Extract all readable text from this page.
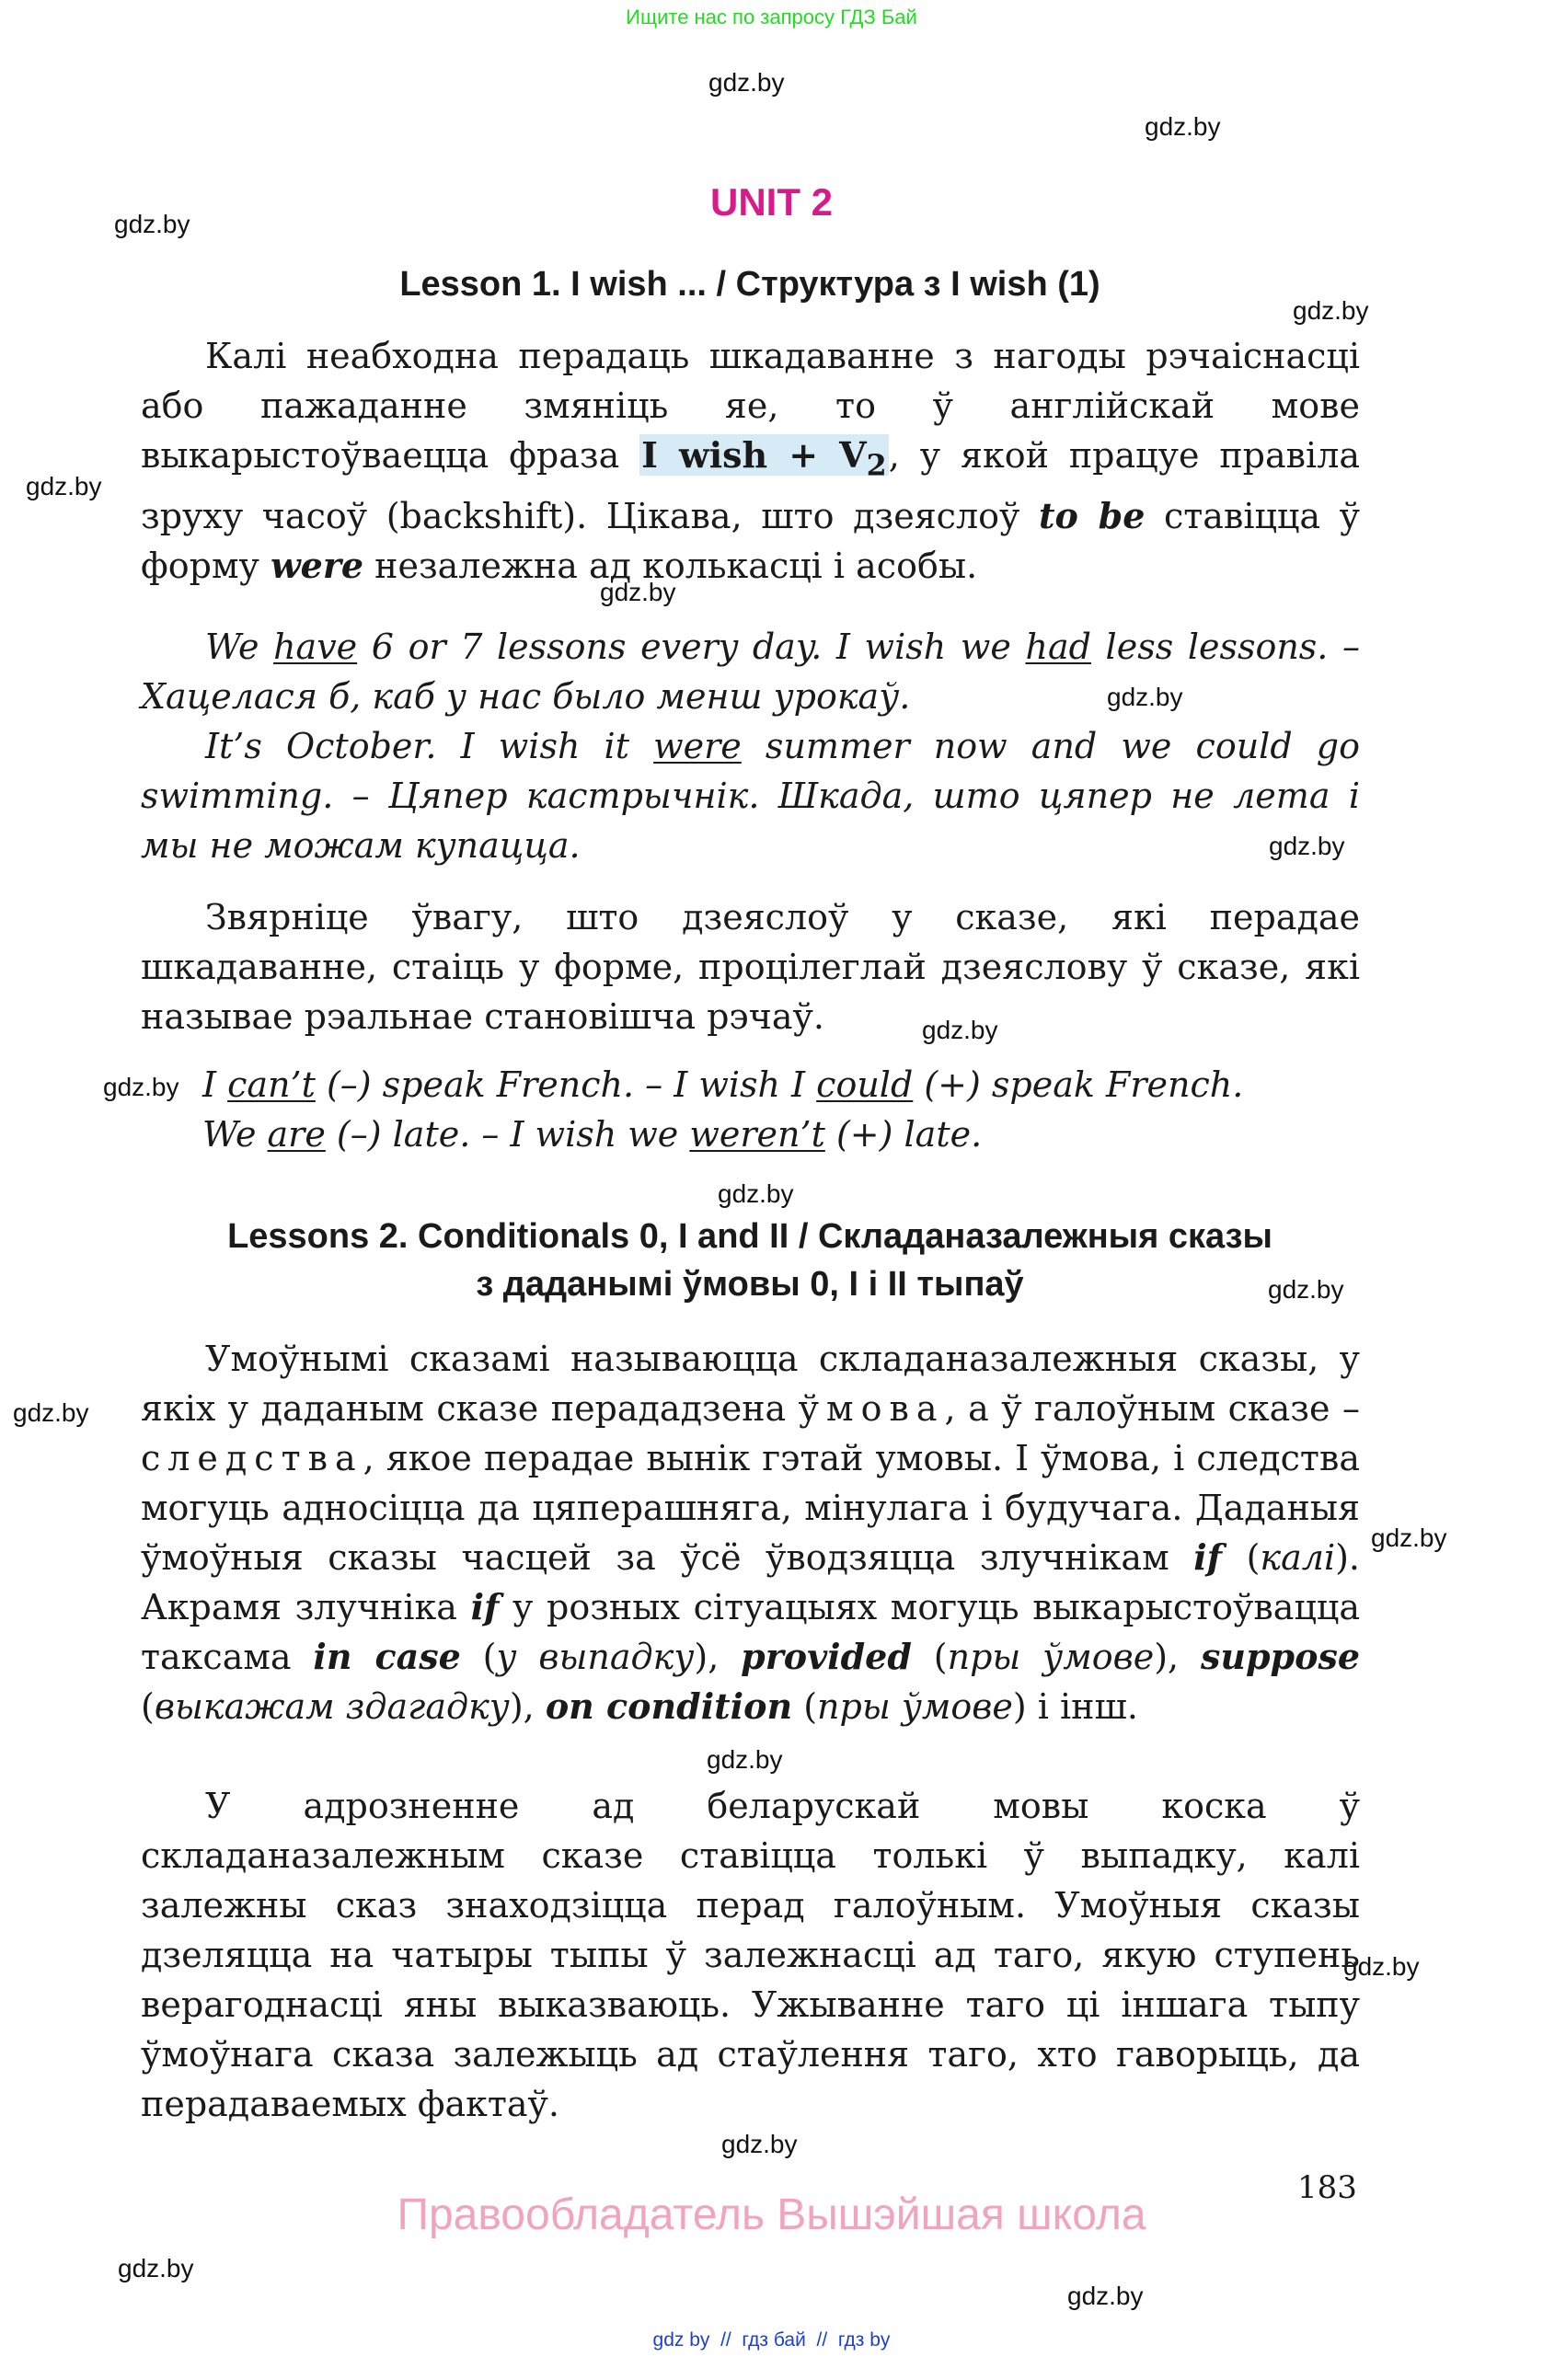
Ищите нас по запросу ГДЗ Бай
gdz.by
gdz.by
gdz.by
gdz.by
gdz.by
gdz.by
gdz.by
gdz.by
gdz.by
gdz.by
gdz.by
gdz.by
gdz.by
gdz.by
gdz.by
gdz.by
gdz.by
gdz.by
gdz.by
UNIT 2
Lesson 1. I wish ... / Структура з I wish (1)

Калі неабходна перадаць шкадаванне з нагоды рэчаіснасці або пажаданне змяніць яе, то ў англійскай мове выкарыстоўваецца фраза I wish + $V_2$, у якой працуе правіла зруху часоў (backshift). Цікава, што дзеяслоў to be ставіцца ў форму were незалежна ад колькасці і асобы.

We have 6 or 7 lessons every day. I wish we had less lessons. – Хацелася б, каб у нас было менш урокаў.

It’s October. I wish it were summer now and we could go swimming. – Цяпер кастрычнік. Шкада, што цяпер не лета і мы не можам купацца.

Звярніце ўвагу, што дзеяслоў у сказе, які перадае шкадаванне, стаіць у форме, процілеглай дзеяслову ў сказе, які называе рэальнае становішча рэчаў.

I can’t (–) speak French. – I wish I could (+) speak French.
We are (–) late. – I wish we weren’t (+) late.
Lessons 2. Conditionals 0, I and II / Складаназалежныя сказы
з даданымі ўмовы 0, I і II тыпаў

Умоўнымі сказамі называюцца складаназалежныя сказы, у якіх у даданым сказе перададзена ўмова, а ў галоўным сказе – следства, якое перадае вынік гэтай умовы. І ўмова, і следства могуць адносіцца да цяперашняга, мінулага і будучага. Даданыя ўмоўныя сказы часцей за ўсё ўводзяцца злучнікам if (калі). Акрамя злучніка if у розных сітуацыях могуць выкарыстоўвацца таксама in case (у выпадку), provided (пры ўмове), suppose (выкажам здагадку), on condition (пры ўмове) і інш.

У адрозненне ад беларускай мовы коска ў складаназалежным сказе ставіцца толькі ў выпадку, калі залежны сказ знаходзіцца перад галоўным. Умоўныя сказы дзеляцца на чатыры тыпы ў залежнасці ад таго, якую ступень верагоднасці яны выказваюць. Ужыванне таго ці іншага тыпу ўмоўнага сказа залежыць ад стаўлення таго, хто гаворыць, да перадаваемых фактаў.

183
Правообладатель Вышэйшая школа
gdz by  //  гдз бай  //  гдз by
